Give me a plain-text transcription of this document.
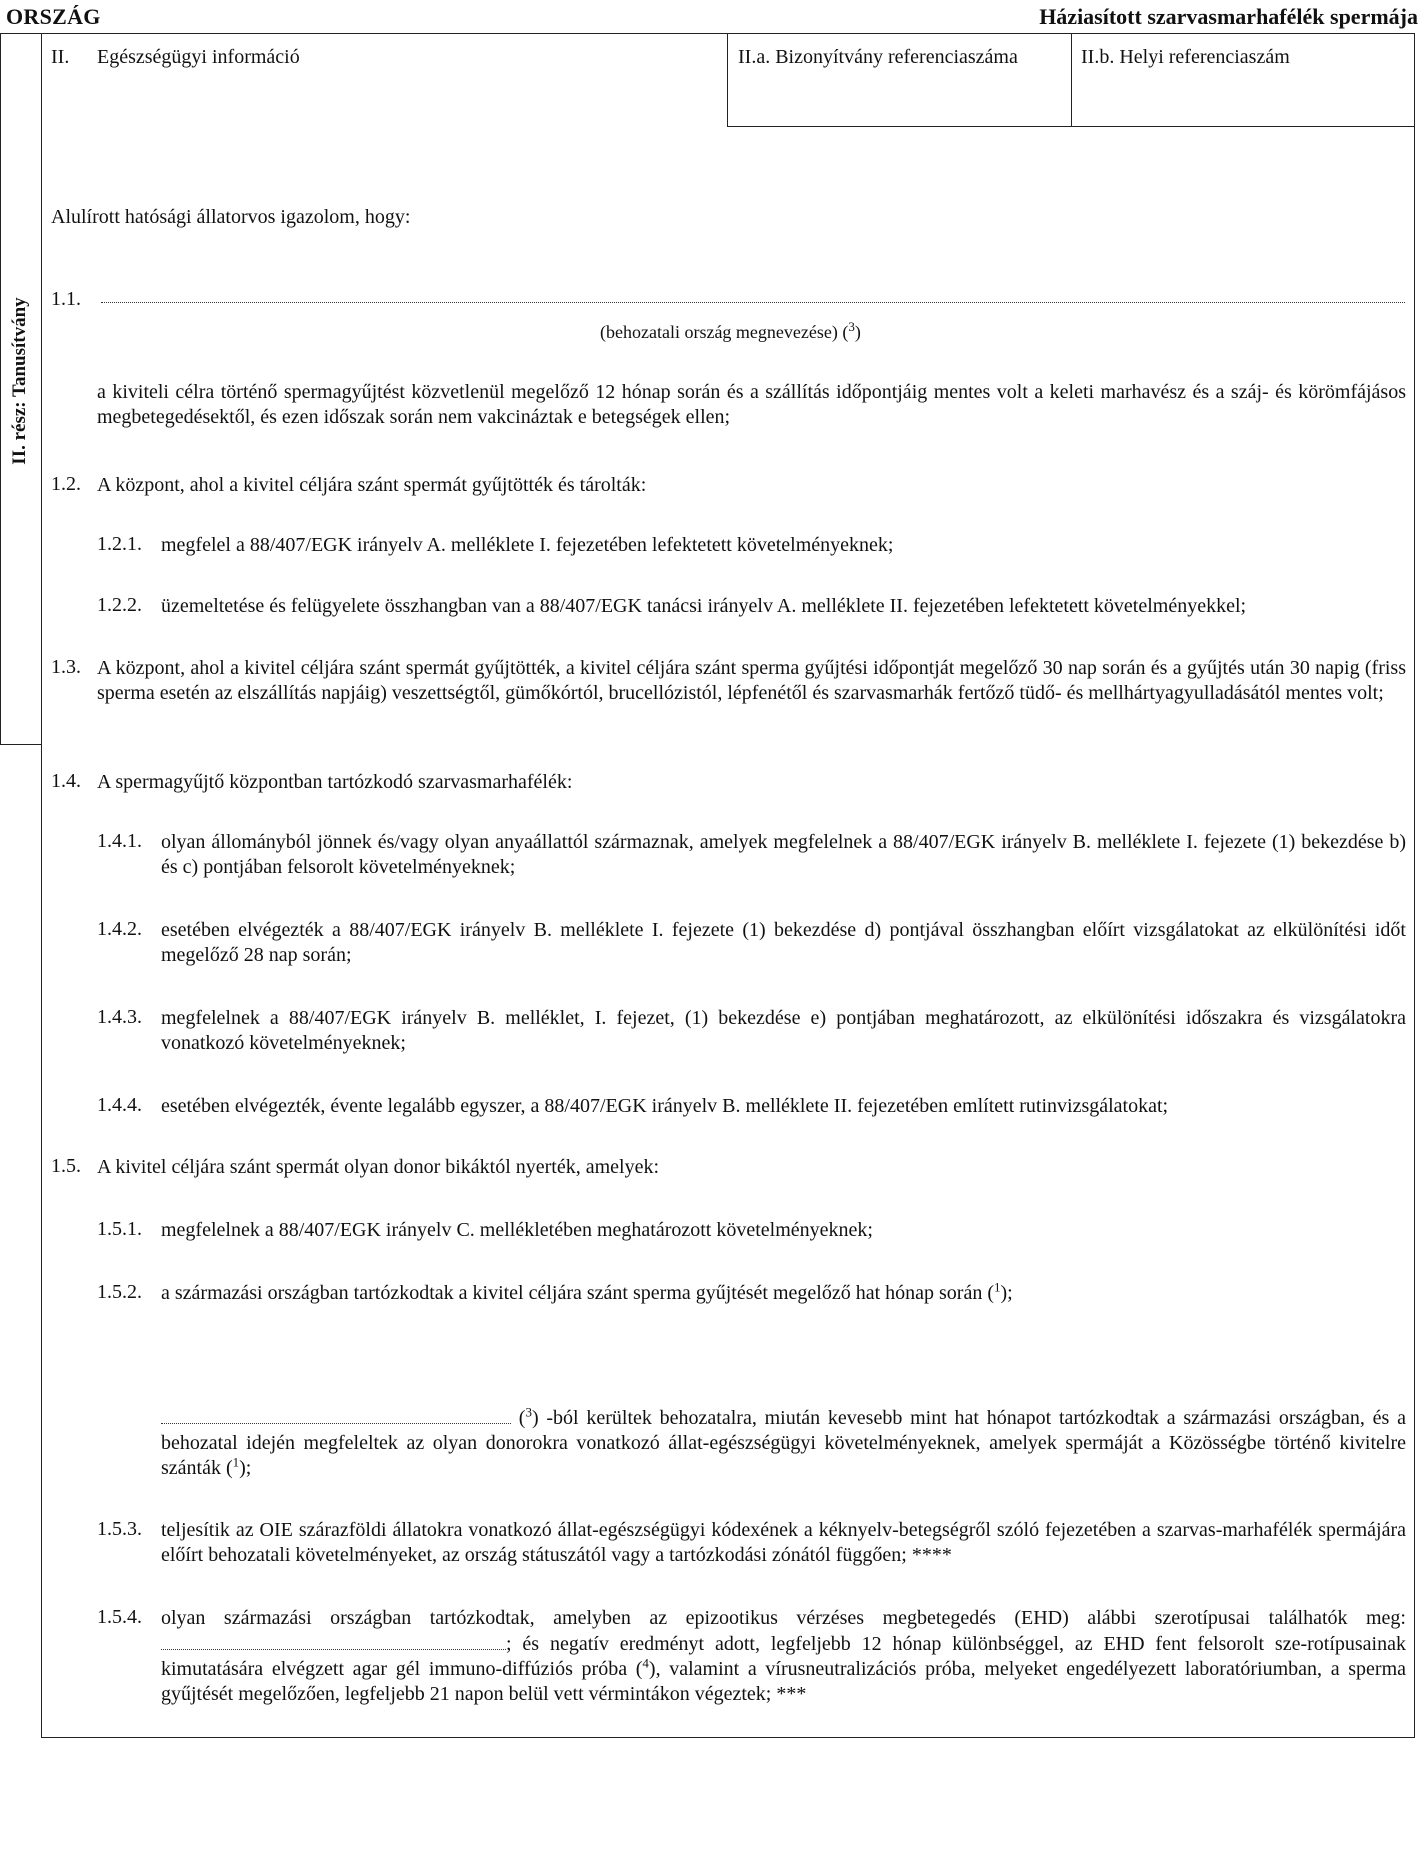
ORSZÁG	Háziasított szarvasmarhafélék spermája
II. rész: Tanusítvány
II. Egészségügyi információ	II.a. Bizonyítvány referenciaszáma	II.b. Helyi referenciaszám
Alulírott hatósági állatorvos igazolom, hogy:
1.1.
(behozatali ország megnevezése) ($^3$)
a kiviteli célra történő spermagyűjtést közvetlenül megelőző 12 hónap során és a szállítás időpontjáig mentes volt a keleti marhavész és a száj- és körömfájásos megbetegedésektől, és ezen időszak során nem vakcináztak e betegségek ellen;
1.2. A központ, ahol a kivitel céljára szánt spermát gyűjtötték és tárolták:
1.2.1. megfelel a 88/407/EGK irányelv A. melléklete I. fejezetében lefektetett követelményeknek;
1.2.2. üzemeltetése és felügyelete összhangban van a 88/407/EGK tanácsi irányelv A. melléklete II. fejezetében lefektetett követelményekkel;
1.3. A központ, ahol a kivitel céljára szánt spermát gyűjtötték, a kivitel céljára szánt sperma gyűjtési időpontját megelőző 30 nap során és a gyűjtés után 30 napig (friss sperma esetén az elszállítás napjáig) veszettségtől, gümőkórtól, brucellózistól, lépfenétől és szarvasmarhák fertőző tüdő- és mellhártyagyulladásától mentes volt;
1.4. A spermagyűjtő központban tartózkodó szarvasmarhafélék:
1.4.1. olyan állományból jönnek és/vagy olyan anyaállattól származnak, amelyek megfelelnek a 88/407/EGK irányelv B. melléklete I. fejezete (1) bekezdése b) és c) pontjában felsorolt követelményeknek;
1.4.2. esetében elvégezték a 88/407/EGK irányelv B. melléklete I. fejezete (1) bekezdése d) pontjával összhangban előírt vizsgálatokat az elkülönítési időt megelőző 28 nap során;
1.4.3. megfelelnek a 88/407/EGK irányelv B. melléklet, I. fejezet, (1) bekezdése e) pontjában meghatározott, az elkülönítési időszakra és vizsgálatokra vonatkozó követelményeknek;
1.4.4. esetében elvégezték, évente legalább egyszer, a 88/407/EGK irányelv B. melléklete II. fejezetében említett rutinvizsgálatokat;
1.5. A kivitel céljára szánt spermát olyan donor bikáktól nyerték, amelyek:
1.5.1. megfelelnek a 88/407/EGK irányelv C. mellékletében meghatározott követelményeknek;
1.5.2. a származási országban tartózkodtak a kivitel céljára szánt sperma gyűjtését megelőző hat hónap során ($^1$);
($^3$) -ból kerültek behozatalra, miután kevesebb mint hat hónapot tartózkodtak a származási országban, és a behozatal idején megfeleltek az olyan donorokra vonatkozó állat-egészségügyi követelményeknek, amelyek spermáját a Közösségbe történő kivitelre szánták ($^1$);
1.5.3. teljesítik az OIE szárazföldi állatokra vonatkozó állat-egészségügyi kódexének a kéknyelv-betegségről szóló fejezetében a szarvas-marhafélék spermájára előírt behozatali követelményeket, az ország státuszától vagy a tartózkodási zónától függően; ****
1.5.4. olyan származási országban tartózkodtak, amelyben az epizootikus vérzéses megbetegedés (EHD) alábbi szerotípusai találhatók meg: ; és negatív eredményt adott, legfeljebb 12 hónap különbséggel, az EHD fent felsorolt sze-rotípusainak kimutatására elvégzett agar gél immuno-diffúziós próba ($^4$), valamint a vírusneutralizációs próba, melyeket engedélyezett laboratóriumban, a sperma gyűjtését megelőzően, legfeljebb 21 napon belül vett vérmintákon végeztek; ***
